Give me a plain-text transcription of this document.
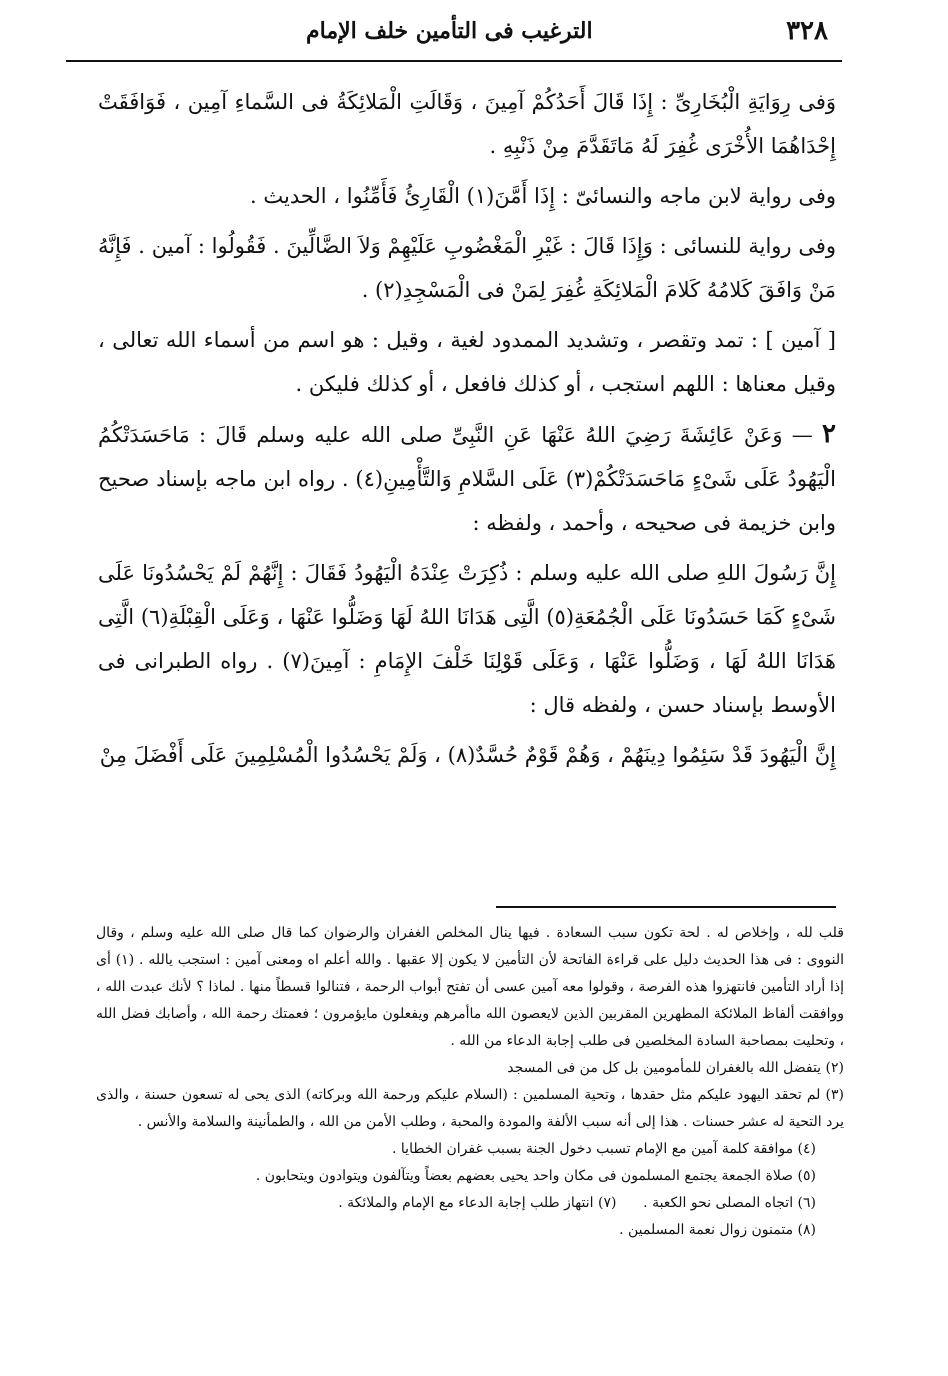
٣٢٨
الترغيب فى التأمين خلف الإمام

وَفى رِوَايَةِ الْبُخَارِىِّ : إِذَا قَالَ أَحَدُكُمْ آمِينَ ، وَقَالَتِ الْمَلائِكَةُ فى السَّماءِ آمِين ، فَوَافَقَتْ إِحْدَاهُمَا الأُخْرَى غُفِرَ لَهُ مَاتَقَدَّمَ مِنْ ذَنْبِهِ .

وفى رواية لابن ماجه والنسائىّ : إِذَا أَمَّنَ(١) الْقَارِئُ فَأَمِّنُوا ، الحديث .

وفى رواية للنسائى : وَإِذَا قَالَ : غَيْرِ الْمَغْضُوبِ عَلَيْهِمْ وَلاَ الضَّالِّينَ . فَقُولُوا : آمين . فَإِنَّهُ مَنْ وَافَقَ كَلامُهُ كَلامَ الْمَلائِكَةِ غُفِرَ لِمَنْ فى الْمَسْجِدِ(٢) .

[ آمين ] : تمد وتقصر ، وتشديد الممدود لغية ، وقيل : هو اسم من أسماء الله تعالى ، وقيل معناها : اللهم استجب ، أو كذلك فافعل ، أو كذلك فليكن .

٢ — وَعَنْ عَائِشَةَ رَضِيَ اللهُ عَنْهَا عَنِ النَّبِىِّ صلى الله عليه وسلم قَالَ : مَاحَسَدَتْكُمُ الْيَهُودُ عَلَى شَىْءٍ مَاحَسَدَتْكُمْ(٣) عَلَى السَّلامِ وَالتَّأْمِينِ(٤) . رواه ابن ماجه بإسناد صحيح وابن خزيمة فى صحيحه ، وأحمد ، ولفظه :

إِنَّ رَسُولَ اللهِ صلى الله عليه وسلم : ذُكِرَتْ عِنْدَهُ الْيَهُودُ فَقَالَ : إِنَّهُمْ لَمْ يَحْسُدُونَا عَلَى شَىْءٍ كَمَا حَسَدُونَا عَلَى الْجُمُعَةِ(٥) الَّتِى هَدَانَا اللهُ لَهَا وَضَلُّوا عَنْهَا ، وَعَلَى الْقِبْلَةِ(٦) الَّتِى هَدَانَا اللهُ لَهَا ، وَضَلُّوا عَنْهَا ، وَعَلَى قَوْلِنَا خَلْفَ الإِمَامِ : آمِينَ(٧) . رواه الطبرانى فى الأوسط بإسناد حسن ، ولفظه قال :

إِنَّ الْيَهُودَ قَدْ سَئِمُوا دِينَهُمْ ، وَهُمْ قَوْمٌ حُسَّدٌ(٨) ، وَلَمْ يَحْسُدُوا الْمُسْلِمِينَ عَلَى أَفْضَلَ مِنْ

قلب لله ، وإخلاص له . لحة تكون سبب السعادة . فيها ينال المخلص الغفران والرضوان كما قال صلى الله عليه وسلم ، وقال النووى : فى هذا الحديث دليل على قراءة الفاتحة لأن التأمين لا يكون إلا عقبها . والله أعلم اه ومعنى آمين : استجب يالله . (١) أى إذا أراد التأمين فانتهزوا هذه الفرصة ، وقولوا معه آمين عسى أن تفتح أبواب الرحمة ، فتنالوا قسطاً منها . لماذا ؟ لأنك عبدت الله ، ووافقت ألفاظ الملائكة المطهرين المقربين الذين لايعصون الله ماأمرهم ويفعلون مايؤمرون ؛ فعمتك رحمة الله ، وأصابك فضل الله ، وتحليت بمصاحبة السادة المخلصين فى طلب إجابة الدعاء من الله .

(٢) يتفضل الله بالغفران للمأمومين بل كل من فى المسجد

(٣) لم تحقد اليهود عليكم مثل حقدها ، وتحية المسلمين : (السلام عليكم ورحمة الله وبركاته) الذى يحى له تسعون حسنة ، والذى يرد التحية له عشر حسنات . هذا إلى أنه سبب الألفة والمودة والمحبة ، وطلب الأمن من الله ، والطمأنينة والسلامة والأنس .

(٤) موافقة كلمة آمين مع الإمام تسبب دخول الجنة بسبب غفران الخطايا .

(٥) صلاة الجمعة يجتمع المسلمون فى مكان واحد يحيى بعضهم بعضاً ويتآلفون ويتوادون ويتحابون .

(٦) اتجاه المصلى نحو الكعبة .      (٧) انتهاز طلب إجابة الدعاء مع الإمام والملائكة .

(٨) متمنون زوال نعمة المسلمين .
